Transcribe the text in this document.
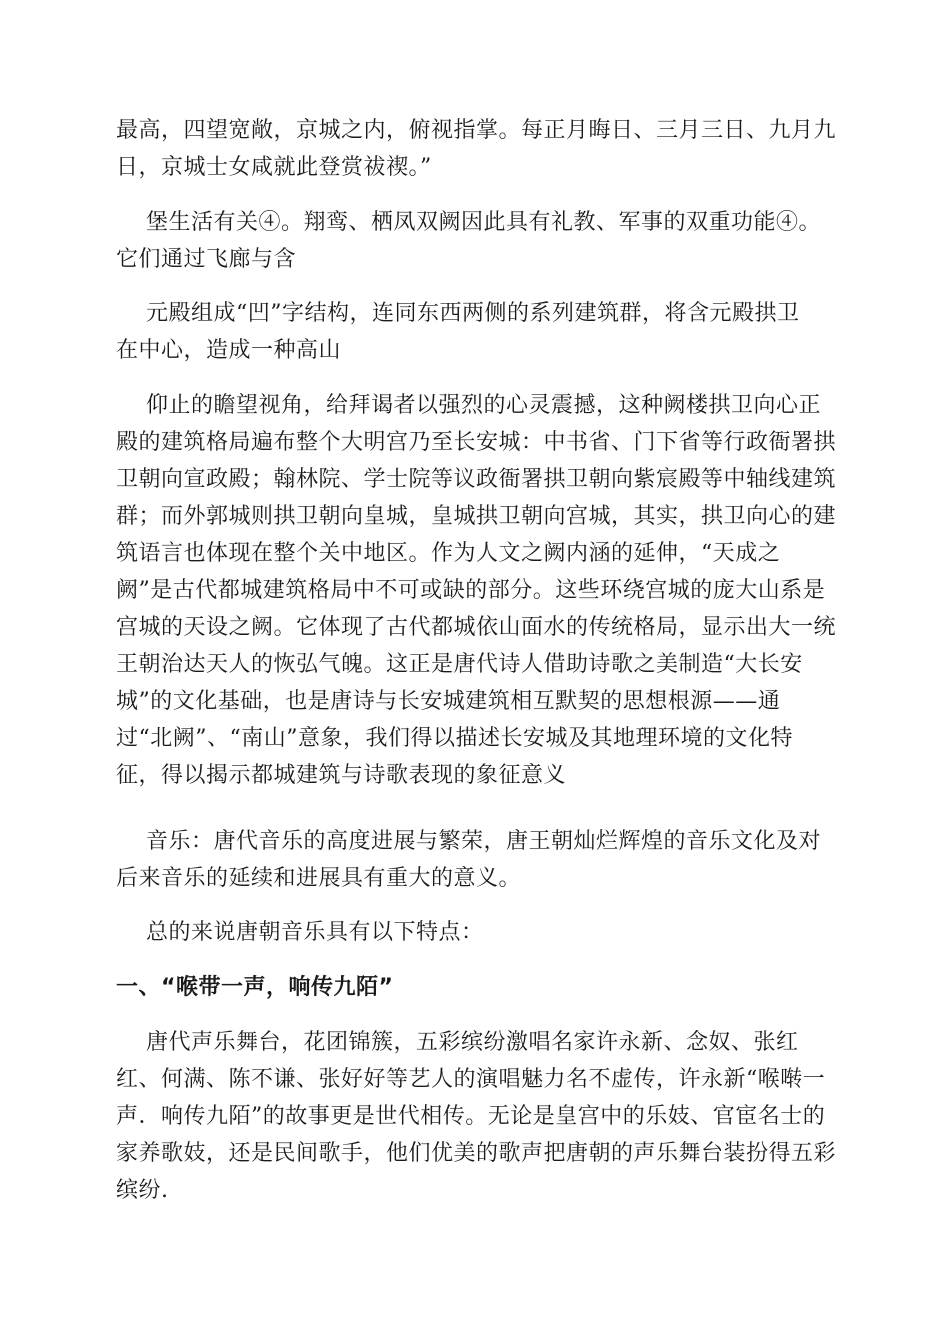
最高，四望宽敞，京城之内，俯视指掌。每正月晦日、三月三日、九月九
日，京城士女咸就此登赏祓禊。”

堡生活有关④。翔鸾、栖凤双阙因此具有礼教、军事的双重功能④。
它们通过飞廊与含

元殿组成“凹”字结构，连同东西两侧的系列建筑群，将含元殿拱卫
在中心，造成一种高山

仰止的瞻望视角，给拜谒者以强烈的心灵震撼，这种阙楼拱卫向心正
殿的建筑格局遍布整个大明宫乃至长安城：中书省、门下省等行政衙署拱
卫朝向宣政殿；翰林院、学士院等议政衙署拱卫朝向紫宸殿等中轴线建筑
群；而外郭城则拱卫朝向皇城，皇城拱卫朝向宫城，其实，拱卫向心的建
筑语言也体现在整个关中地区。作为人文之阙内涵的延伸，“天成之
阙”是古代都城建筑格局中不可或缺的部分。这些环绕宫城的庞大山系是
宫城的天设之阙。它体现了古代都城依山面水的传统格局，显示出大一统
王朝治达天人的恢弘气魄。这正是唐代诗人借助诗歌之美制造“大长安
城”的文化基础，也是唐诗与长安城建筑相互默契的思想根源——通
过“北阙”、“南山”意象，我们得以描述长安城及其地理环境的文化特
征，得以揭示都城建筑与诗歌表现的象征意义

音乐：唐代音乐的高度进展与繁荣，唐王朝灿烂辉煌的音乐文化及对
后来音乐的延续和进展具有重大的意义。

总的来说唐朝音乐具有以下特点：

一、“喉带一声，响传九陌”

唐代声乐舞台，花团锦簇，五彩缤纷激唱名家许永新、念奴、张红
红、何满、陈不谦、张好好等艺人的演唱魅力名不虚传，许永新“喉啭一
声．响传九陌”的故事更是世代相传。无论是皇宫中的乐妓、官宦名士的
家养歌妓，还是民间歌手，他们优美的歌声把唐朝的声乐舞台装扮得五彩
缤纷.
